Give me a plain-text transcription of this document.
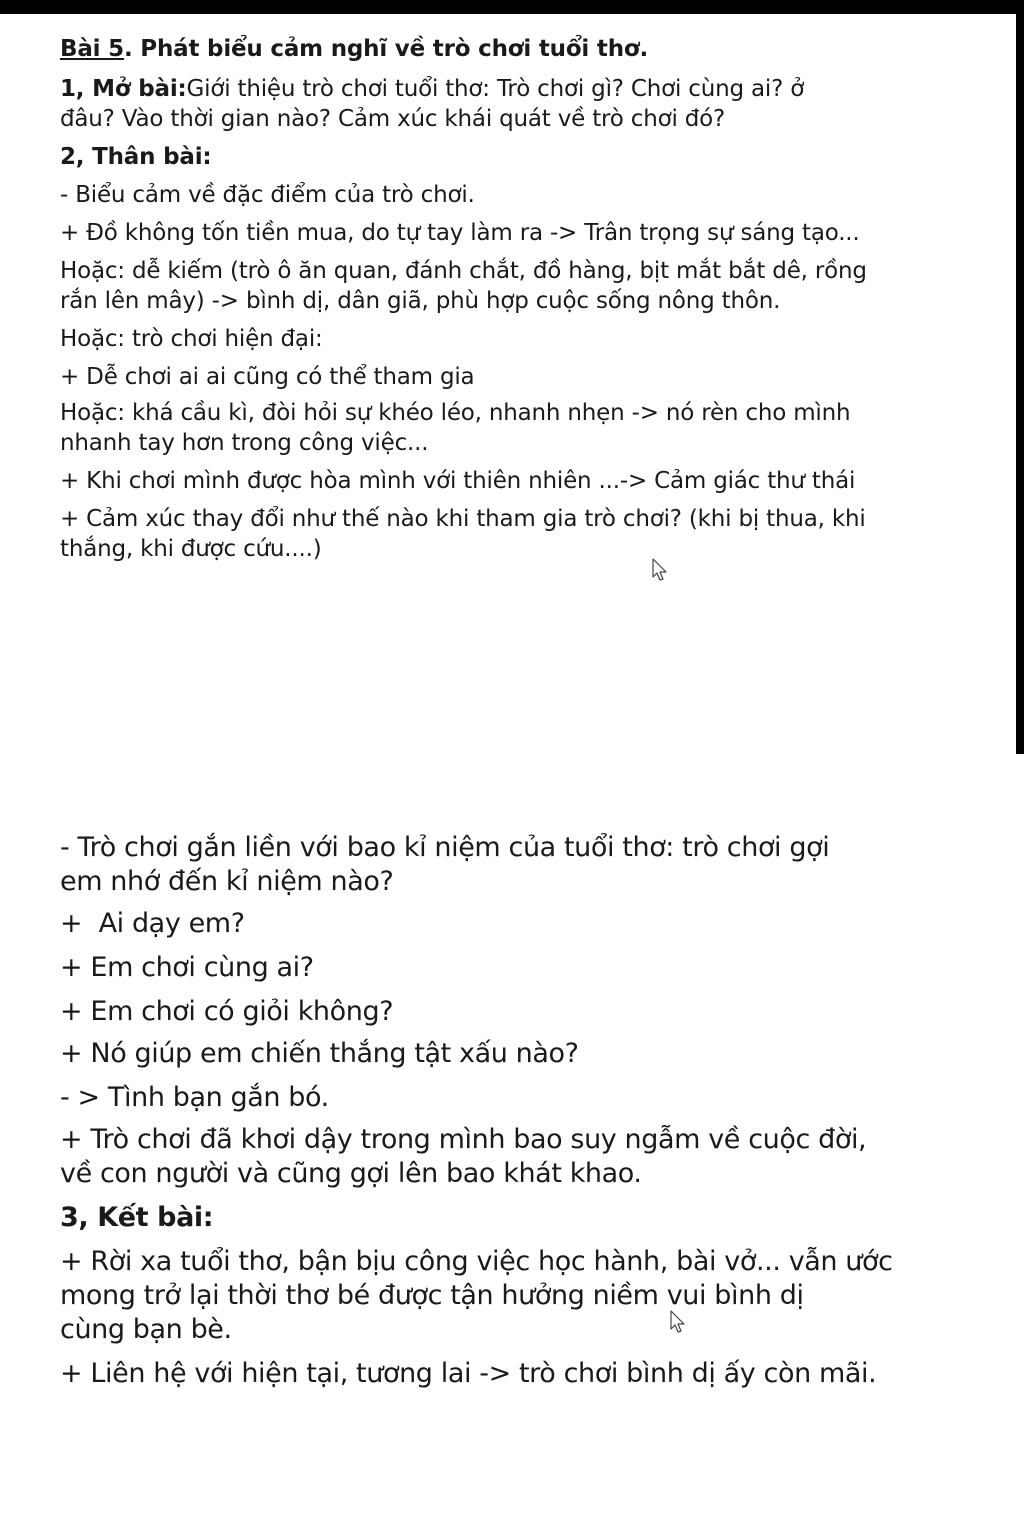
Bài 5. Phát biểu cảm nghĩ về trò chơi tuổi thơ.
1, Mở bài:Giới thiệu trò chơi tuổi thơ: Trò chơi gì? Chơi cùng ai? ở
đâu? Vào thời gian nào? Cảm xúc khái quát về trò chơi đó?
2, Thân bài:
- Biểu cảm về đặc điểm của trò chơi.
+ Đồ không tốn tiền mua, do tự tay làm ra -> Trân trọng sự sáng tạo...
Hoặc: dễ kiếm (trò ô ăn quan, đánh chắt, đồ hàng, bịt mắt bắt dê, rồng
rắn lên mây) -> bình dị, dân giã, phù hợp cuộc sống nông thôn.
Hoặc: trò chơi hiện đại:
+ Dễ chơi ai ai cũng có thể tham gia
Hoặc: khá cầu kì, đòi hỏi sự khéo léo, nhanh nhẹn -> nó rèn cho mình
nhanh tay hơn trong công việc...
+ Khi chơi mình được hòa mình với thiên nhiên ...-> Cảm giác thư thái
+ Cảm xúc thay đổi như thế nào khi tham gia trò chơi? (khi bị thua, khi
thắng, khi được cứu....)
- Trò chơi gắn liền với bao kỉ niệm của tuổi thơ: trò chơi gợi
em nhớ đến kỉ niệm nào?
+  Ai dạy em?
+ Em chơi cùng ai?
+ Em chơi có giỏi không?
+ Nó giúp em chiến thắng tật xấu nào?
- > Tình bạn gắn bó.
+ Trò chơi đã khơi dậy trong mình bao suy ngẫm về cuộc đời,
về con người và cũng gợi lên bao khát khao.
3, Kết bài:
+ Rời xa tuổi thơ, bận bịu công việc học hành, bài vở... vẫn ước
mong trở lại thời thơ bé được tận hưởng niềm vui bình dị
cùng bạn bè.
+ Liên hệ với hiện tại, tương lai -> trò chơi bình dị ấy còn mãi.
